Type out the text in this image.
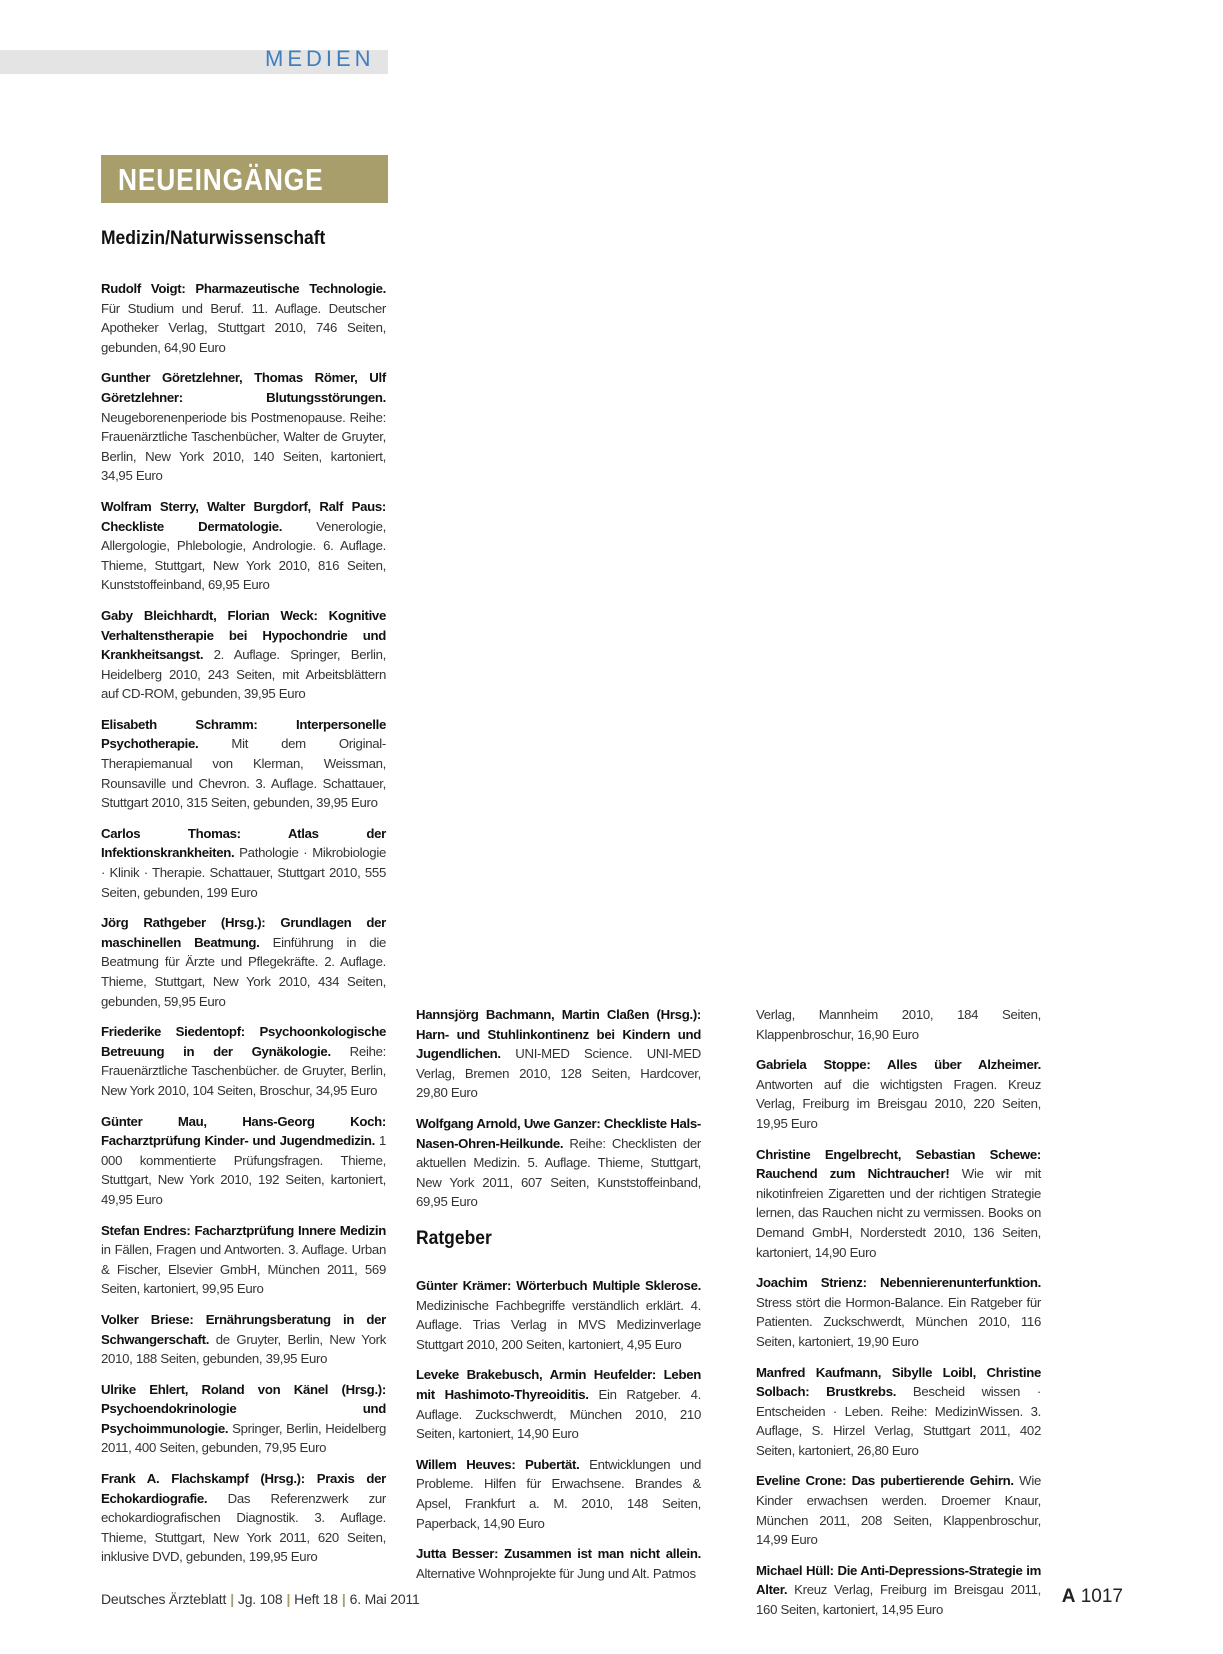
MEDIEN
NEUEINGÄNGE
Medizin/Naturwissenschaft

Rudolf Voigt: Pharmazeutische Technologie. Für Studium und Beruf. 11. Auflage. Deutscher Apotheker Verlag, Stuttgart 2010, 746 Seiten, gebunden, 64,90 Euro

Gunther Göretzlehner, Thomas Römer, Ulf Göretzlehner: Blutungsstörungen. Neugeborenenperiode bis Postmenopause. Reihe: Frauenärztliche Taschenbücher, Walter de Gruyter, Berlin, New York 2010, 140 Seiten, kartoniert, 34,95 Euro

Wolfram Sterry, Walter Burgdorf, Ralf Paus: Checkliste Dermatologie. Venerologie, Allergologie, Phlebologie, Andrologie. 6. Auflage. Thieme, Stuttgart, New York 2010, 816 Seiten, Kunststoffeinband, 69,95 Euro

Gaby Bleichhardt, Florian Weck: Kognitive Verhaltenstherapie bei Hypochondrie und Krankheitsangst. 2. Auflage. Springer, Berlin, Heidelberg 2010, 243 Seiten, mit Arbeitsblättern auf CD-ROM, gebunden, 39,95 Euro

Elisabeth Schramm: Interpersonelle Psychotherapie. Mit dem Original-Therapiemanual von Klerman, Weissman, Rounsaville und Chevron. 3. Auflage. Schattauer, Stuttgart 2010, 315 Seiten, gebunden, 39,95 Euro

Carlos Thomas: Atlas der Infektionskrankheiten. Pathologie · Mikrobiologie · Klinik · Therapie. Schattauer, Stuttgart 2010, 555 Seiten, gebunden, 199 Euro

Jörg Rathgeber (Hrsg.): Grundlagen der maschinellen Beatmung. Einführung in die Beatmung für Ärzte und Pflegekräfte. 2. Auflage. Thieme, Stuttgart, New York 2010, 434 Seiten, gebunden, 59,95 Euro

Friederike Siedentopf: Psychoonkologische Betreuung in der Gynäkologie. Reihe: Frauenärztliche Taschenbücher. de Gruyter, Berlin, New York 2010, 104 Seiten, Broschur, 34,95 Euro

Günter Mau, Hans-Georg Koch: Facharztprüfung Kinder- und Jugendmedizin. 1 000 kommentierte Prüfungsfragen. Thieme, Stuttgart, New York 2010, 192 Seiten, kartoniert, 49,95 Euro

Stefan Endres: Facharztprüfung Innere Medizin in Fällen, Fragen und Antworten. 3. Auflage. Urban & Fischer, Elsevier GmbH, München 2011, 569 Seiten, kartoniert, 99,95 Euro

Volker Briese: Ernährungsberatung in der Schwangerschaft. de Gruyter, Berlin, New York 2010, 188 Seiten, gebunden, 39,95 Euro

Ulrike Ehlert, Roland von Känel (Hrsg.): Psychoendokrinologie und Psychoimmunologie. Springer, Berlin, Heidelberg 2011, 400 Seiten, gebunden, 79,95 Euro

Frank A. Flachskampf (Hrsg.): Praxis der Echokardiografie. Das Referenzwerk zur echokardiografischen Diagnostik. 3. Auflage. Thieme, Stuttgart, New York 2011, 620 Seiten, inklusive DVD, gebunden, 199,95 Euro

Hannsjörg Bachmann, Martin Claßen (Hrsg.): Harn- und Stuhlinkontinenz bei Kindern und Jugendlichen. UNI-MED Science. UNI-MED Verlag, Bremen 2010, 128 Seiten, Hardcover, 29,80 Euro

Wolfgang Arnold, Uwe Ganzer: Checkliste Hals-Nasen-Ohren-Heilkunde. Reihe: Checklisten der aktuellen Medizin. 5. Auflage. Thieme, Stuttgart, New York 2011, 607 Seiten, Kunststoffeinband, 69,95 Euro

Ratgeber

Günter Krämer: Wörterbuch Multiple Sklerose. Medizinische Fachbegriffe verständlich erklärt. 4. Auflage. Trias Verlag in MVS Medizinverlage Stuttgart 2010, 200 Seiten, kartoniert, 4,95 Euro

Leveke Brakebusch, Armin Heufelder: Leben mit Hashimoto-Thyreoiditis. Ein Ratgeber. 4. Auflage. Zuckschwerdt, München 2010, 210 Seiten, kartoniert, 14,90 Euro

Willem Heuves: Pubertät. Entwicklungen und Probleme. Hilfen für Erwachsene. Brandes & Apsel, Frankfurt a. M. 2010, 148 Seiten, Paperback, 14,90 Euro

Jutta Besser: Zusammen ist man nicht allein. Alternative Wohnprojekte für Jung und Alt. Patmos

Verlag, Mannheim 2010, 184 Seiten, Klappenbroschur, 16,90 Euro

Gabriela Stoppe: Alles über Alzheimer. Antworten auf die wichtigsten Fragen. Kreuz Verlag, Freiburg im Breisgau 2010, 220 Seiten, 19,95 Euro

Christine Engelbrecht, Sebastian Schewe: Rauchend zum Nichtraucher! Wie wir mit nikotinfreien Zigaretten und der richtigen Strategie lernen, das Rauchen nicht zu vermissen. Books on Demand GmbH, Norderstedt 2010, 136 Seiten, kartoniert, 14,90 Euro

Joachim Strienz: Nebennierenunterfunktion. Stress stört die Hormon-Balance. Ein Ratgeber für Patienten. Zuckschwerdt, München 2010, 116 Seiten, kartoniert, 19,90 Euro

Manfred Kaufmann, Sibylle Loibl, Christine Solbach: Brustkrebs. Bescheid wissen · Entscheiden · Leben. Reihe: MedizinWissen. 3. Auflage, S. Hirzel Verlag, Stuttgart 2011, 402 Seiten, kartoniert, 26,80 Euro

Eveline Crone: Das pubertierende Gehirn. Wie Kinder erwachsen werden. Droemer Knaur, München 2011, 208 Seiten, Klappenbroschur, 14,99 Euro

Michael Hüll: Die Anti-Depressions-Strategie im Alter. Kreuz Verlag, Freiburg im Breisgau 2011, 160 Seiten, kartoniert, 14,95 Euro

Deutsches Ärzteblatt | Jg. 108 | Heft 18 | 6. Mai 2011	A 1017
